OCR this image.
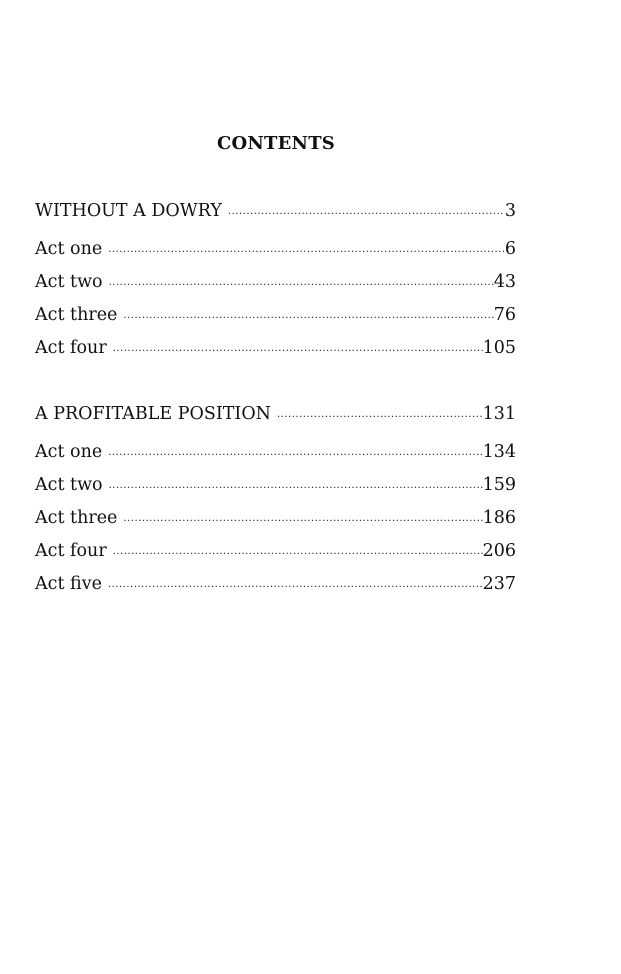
CONTENTS
WITHOUT A DOWRY .....	3
Act one .....	6
Act two .....	43
Act three .....	76
Act four .....	105
A PROFITABLE POSITION .....	131
Act one .....	134
Act two .....	159
Act three .....	186
Act four .....	206
Act five .....	237
